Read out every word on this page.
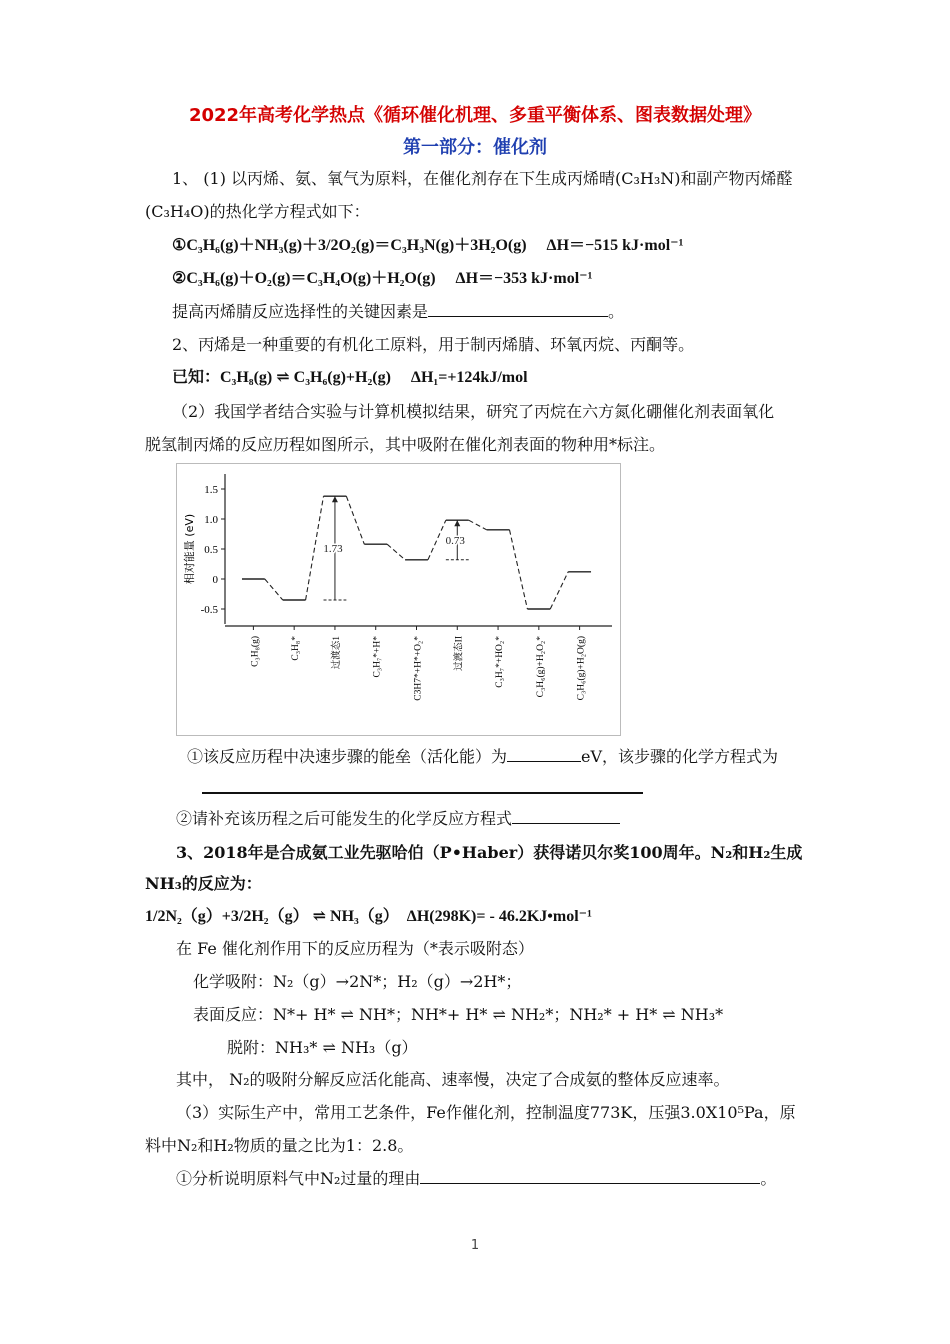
2022年高考化学热点《循环催化机理、多重平衡体系、图表数据处理》
第一部分：催化剂
1、 (1) 以丙烯、氨、氧气为原料，在催化剂存在下生成丙烯晴(C₃H₃N)和副产物丙烯醛
(C₃H₄O)的热化学方程式如下：
①C₃H₆(g)＋NH₃(g)＋3/2O₂(g)＝C₃H₃N(g)＋3H₂O(g)　 ΔH＝−515 kJ·mol⁻¹
②C₃H₆(g)＋O₂(g)＝C₃H₄O(g)＋H₂O(g)　 ΔH＝−353 kJ·mol⁻¹
提高丙烯腈反应选择性的关键因素是	。
2、丙烯是一种重要的有机化工原料，用于制丙烯腈、环氧丙烷、丙酮等。
已知：C₃H₈(g) ⇌ C₃H₆(g)+H₂(g)　 ΔH₁=+124kJ/mol
（2）我国学者结合实验与计算机模拟结果，研究了丙烷在六方氮化硼催化剂表面氧化
脱氢制丙烯的反应历程如图所示，其中吸附在催化剂表面的物种用*标注。
1.5
1.0
0.5
0
-0.5
相对能量 (eV)
C₃H₈(g)	C₃H₈*	过渡态1	C₃H₇*+H*	C3H7*+H*+O₂*	过渡态II	C₃H₇*+HO₂*	C₃H₆(g)+H₂O₂*	C₃H₆(g)+H₂O(g)
1.73
0.73
①该反应历程中决速步骤的能垒（活化能）为	eV，该步骤的化学方程式为
②请补充该历程之后可能发生的化学反应方程式
3、2018年是合成氨工业先驱哈伯（P•Haber）获得诺贝尔奖100周年。N₂和H₂生成
NH₃的反应为：
1/2N₂（g）+3/2H₂（g） ⇌ NH₃（g）　ΔH(298K)= - 46.2KJ•mol⁻¹
在 Fe 催化剂作用下的反应历程为（*表示吸附态）
化学吸附：N₂（g）→2N*；H₂（g）→2H*；
表面反应：N*+ H* ⇌ NH*；NH*+ H* ⇌ NH₂*；NH₂* + H* ⇌ NH₃*
脱附：NH₃* ⇌ NH₃（g）
其中， N₂的吸附分解反应活化能高、速率慢，决定了合成氨的整体反应速率。
（3）实际生产中，常用工艺条件，Fe作催化剂，控制温度773K，压强3.0X10⁵Pa，原
料中N₂和H₂物质的量之比为1：2.8。
①分析说明原料气中N₂过量的理由	。
1
